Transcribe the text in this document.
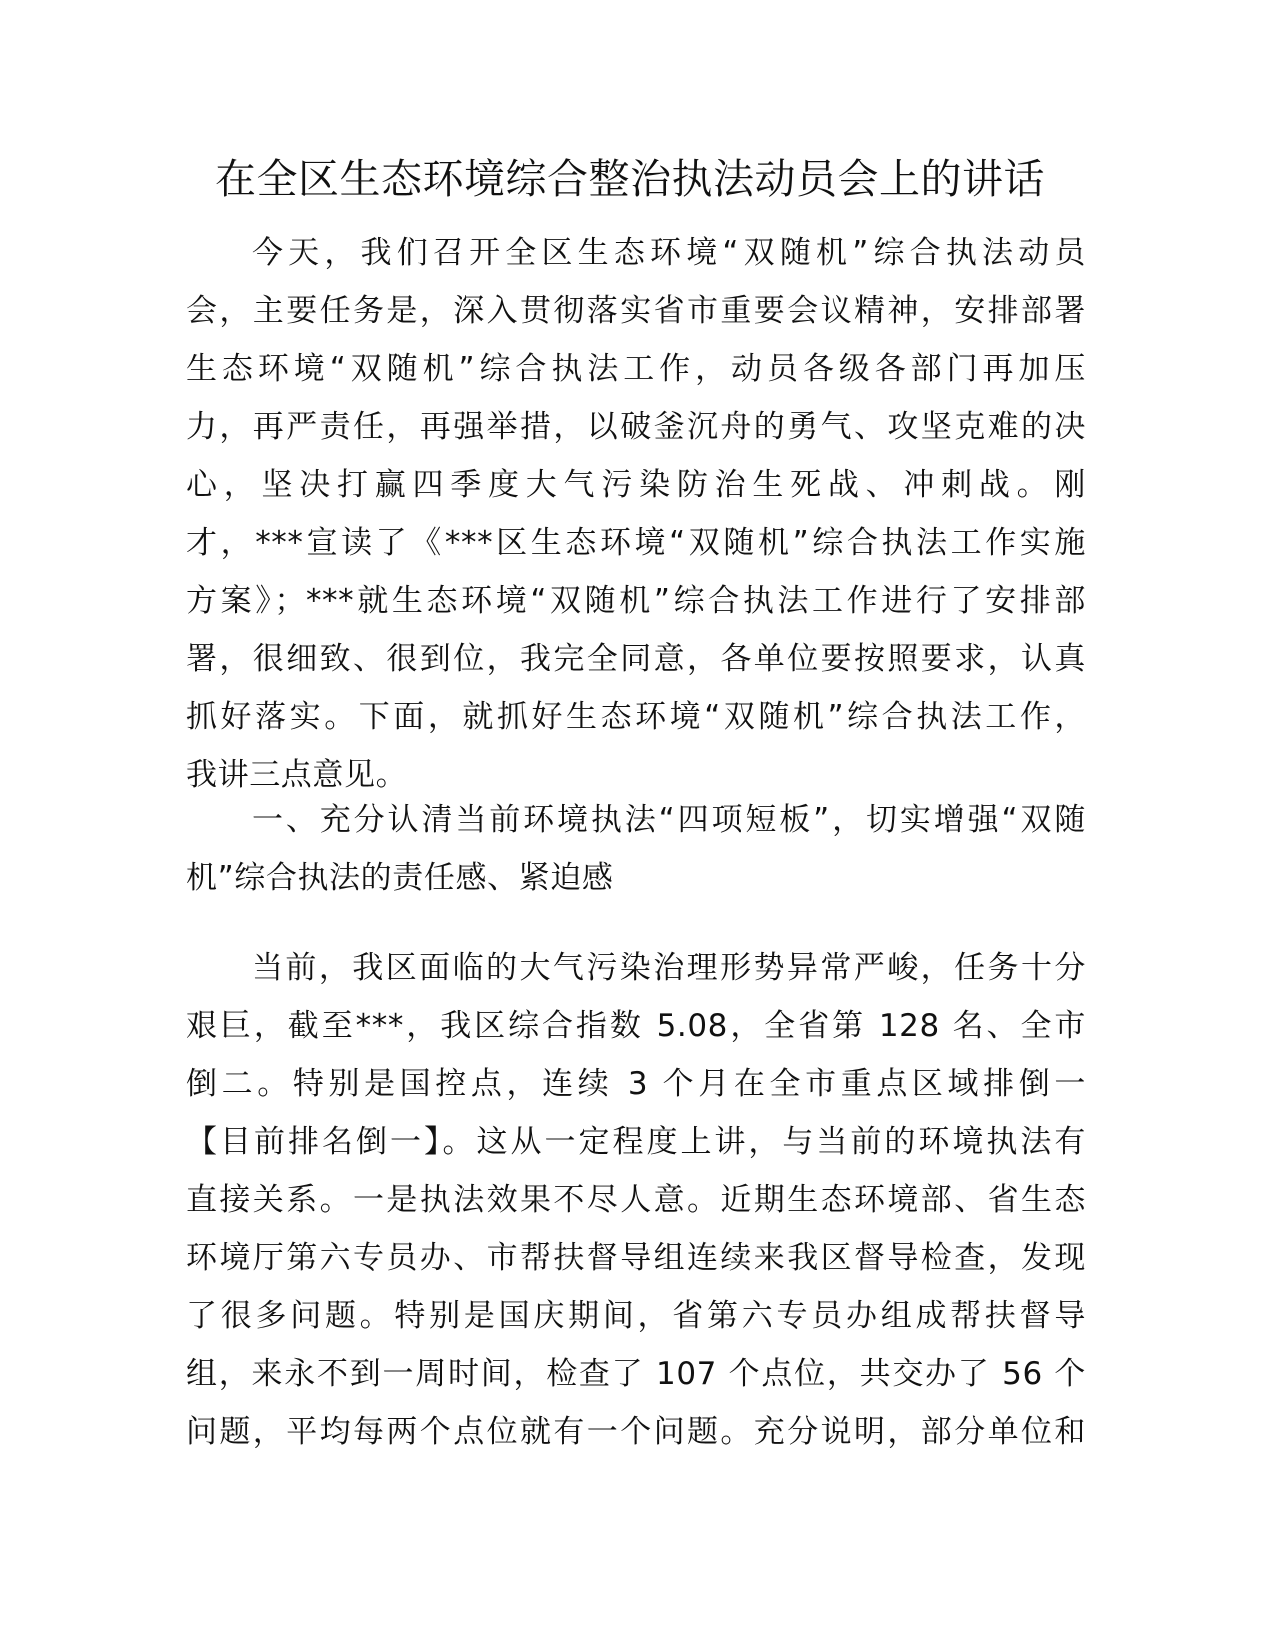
在全区生态环境综合整治执法动员会上的讲话
今天，我们召开全区生态环境“双随机”综合执法动员
会，主要任务是，深入贯彻落实省市重要会议精神，安排部署
生态环境“双随机”综合执法工作，动员各级各部门再加压
力，再严责任，再强举措，以破釜沉舟的勇气、攻坚克难的决
心，坚决打赢四季度大气污染防治生死战、冲刺战。刚
才，***宣读了《***区生态环境“双随机”综合执法工作实施
方案》；***就生态环境“双随机”综合执法工作进行了安排部
署，很细致、很到位，我完全同意，各单位要按照要求，认真
抓好落实。下面，就抓好生态环境“双随机”综合执法工作，
我讲三点意见。
一、充分认清当前环境执法“四项短板”，切实增强“双随
机”综合执法的责任感、紧迫感
当前，我区面临的大气污染治理形势异常严峻，任务十分
艰巨，截至***，我区综合指数 5.08，全省第 128 名、全市
倒二。特别是国控点，连续 3 个月在全市重点区域排倒一
【目前排名倒一】。这从一定程度上讲，与当前的环境执法有
直接关系。一是执法效果不尽人意。近期生态环境部、省生态
环境厅第六专员办、市帮扶督导组连续来我区督导检查，发现
了很多问题。特别是国庆期间，省第六专员办组成帮扶督导
组，来永不到一周时间，检查了 107 个点位，共交办了 56 个
问题，平均每两个点位就有一个问题。充分说明，部分单位和
